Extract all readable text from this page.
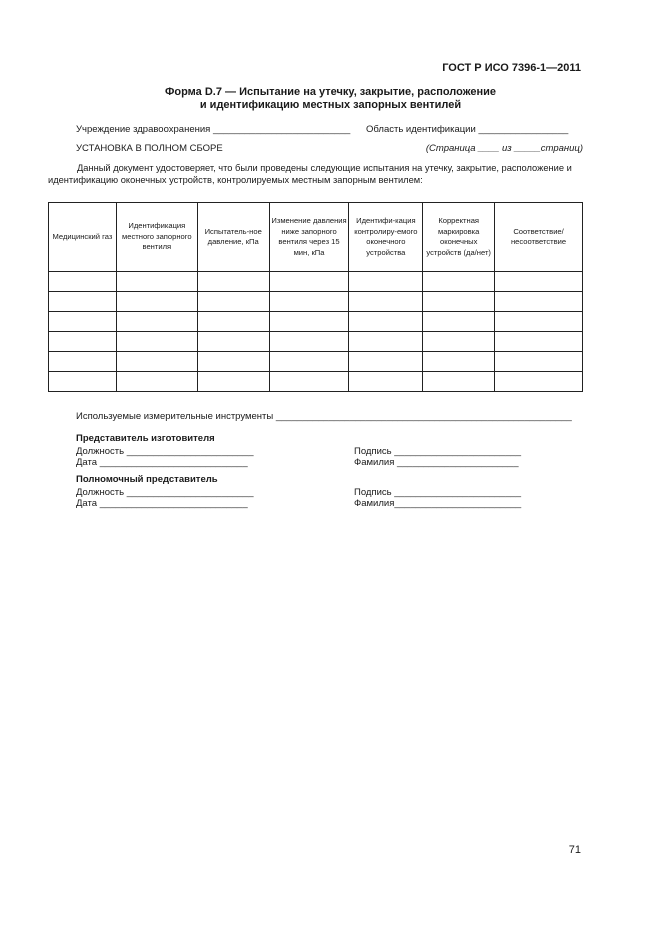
ГОСТ Р ИСО 7396-1—2011
Форма D.7 — Испытание на утечку, закрытие, расположение
и идентификацию местных запорных вентилей
Учреждение здравоохранения __________________________ Область идентификации _________________
УСТАНОВКА В ПОЛНОМ СБОРЕ	(Страница ____ из _____страниц)
Данный документ удостоверяет, что были проведены следующие испытания на утечку, закрытие, расположение и идентификацию оконечных устройств, контролируемых местным запорным вентилем:
Медицинский газ	Идентификация местного запорного вентиля	Испытатель-ное давление, кПа	Изменение давления ниже запорного вентиля через 15 мин, кПа	Идентифи-кация контролиру-емого оконечного устройства	Корректная маркировка оконечных устройств (да/нет)	Соответствие/ несоответствие

Используемые измерительные инструменты ________________________________________________________
Представитель изготовителя
Должность ________________________
Дата ____________________________
Подпись ________________________
Фамилия _______________________
Полномочный представитель
Должность ________________________
Дата ____________________________
Подпись ________________________
Фамилия________________________
71
